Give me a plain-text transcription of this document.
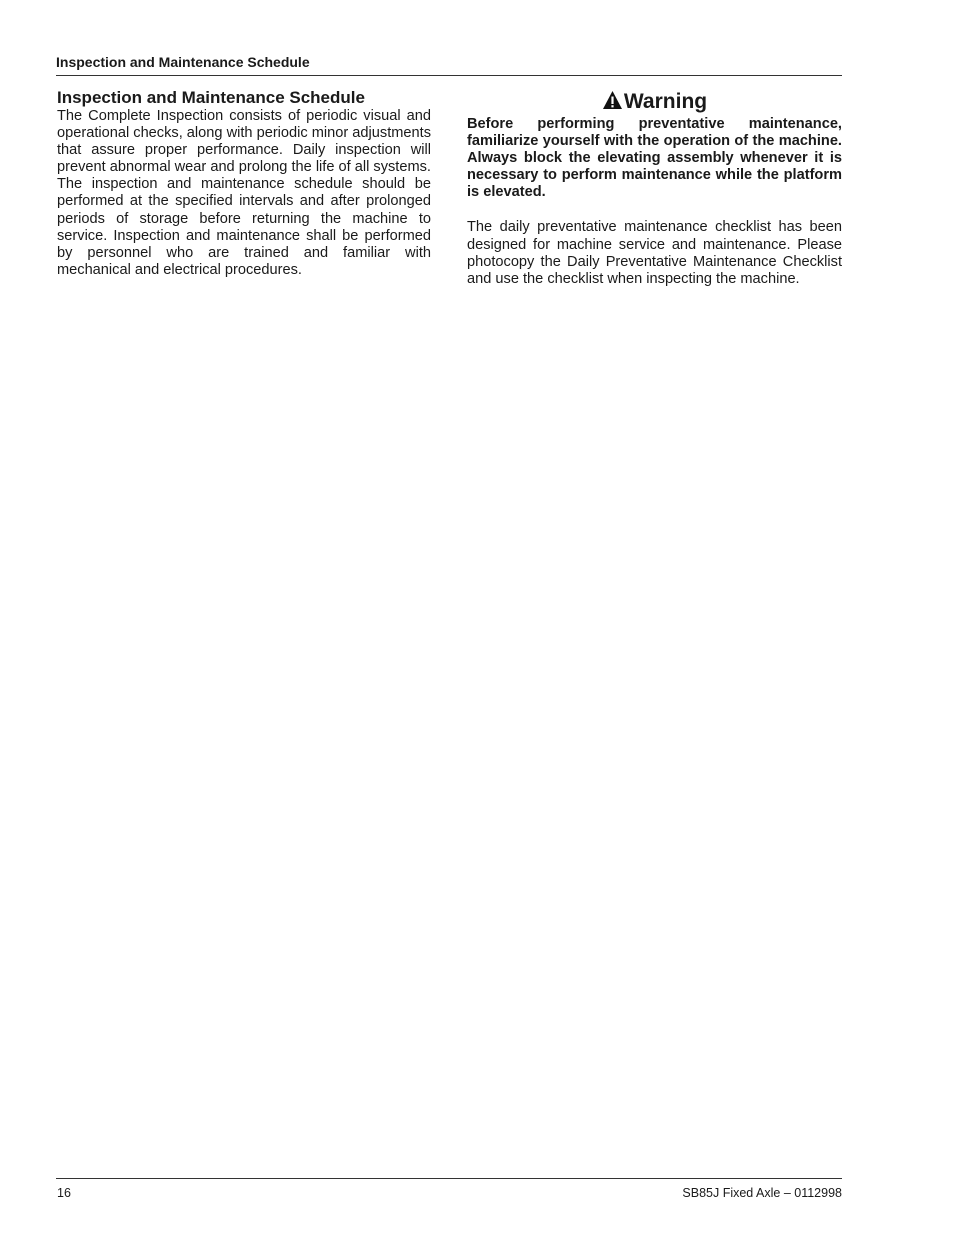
Inspection and Maintenance Schedule
Inspection and Maintenance Schedule

The Complete Inspection consists of periodic visual and operational checks, along with periodic minor adjustments that assure proper performance. Daily inspection will prevent abnormal wear and prolong the life of all systems. The inspection and maintenance schedule should be performed at the specified intervals and after prolonged periods of storage before returning the machine to service. Inspection and maintenance shall be performed by personnel who are trained and familiar with mechanical and electrical procedures.

Warning

Before performing preventative maintenance, familiarize yourself with the operation of the machine. Always block the elevating assembly whenever it is necessary to perform maintenance while the platform is elevated.

The daily preventative maintenance checklist has been designed for machine service and maintenance. Please photocopy the Daily Preventative Maintenance Checklist and use the checklist when inspecting the machine.

16	SB85J Fixed Axle – 0112998
